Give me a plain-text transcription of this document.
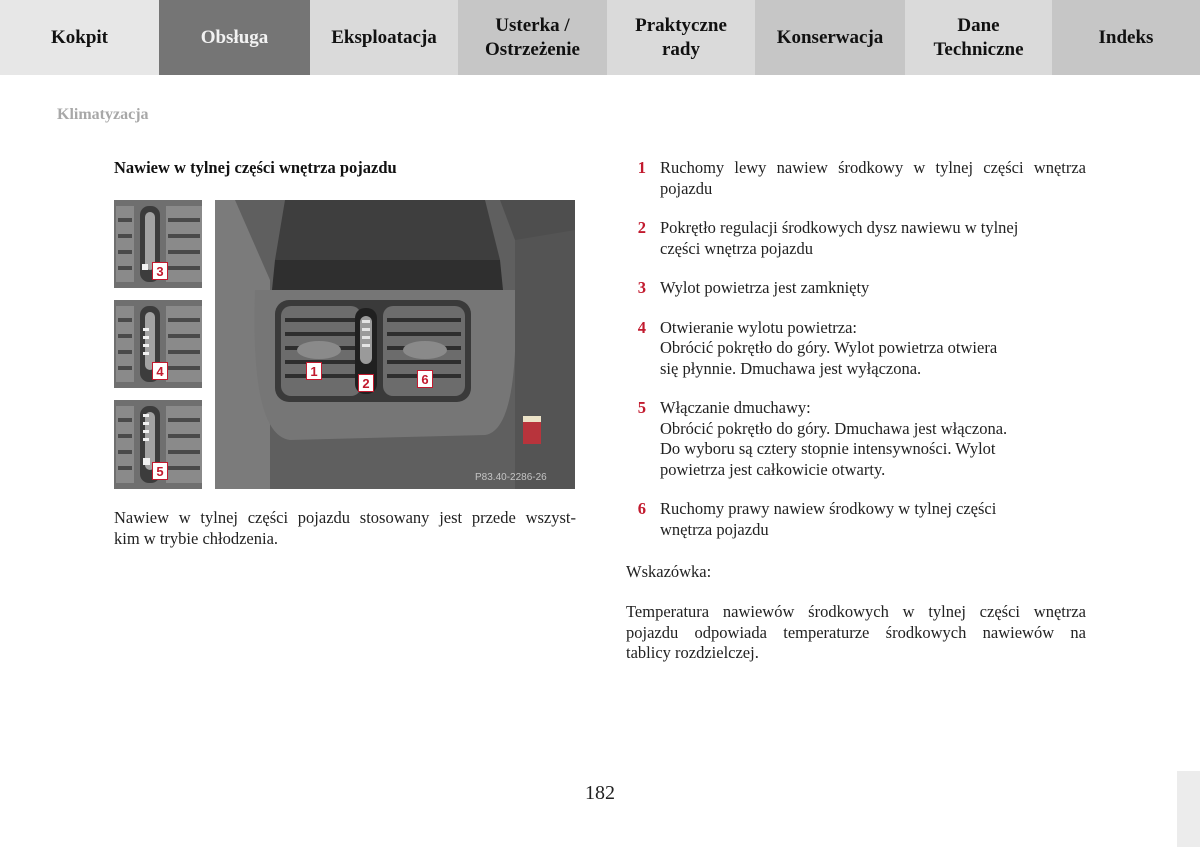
Kokpit	Obsługa	Eksploatacja
Usterka /
Ostrzeżenie
Praktyczne
rady
Konserwacja
Dane
Techniczne
Indeks
Klimatyzacja
Nawiew w tylnej części wnętrza pojazdu
3
4
5
1
2	6
P83.40-2286-26
Nawiew w tylnej części pojazdu stosowany jest przede wszyst-
kim w trybie chłodzenia.
1 Ruchomy lewy nawiew środkowy w tylnej części wnętrza
pojazdu
2 Pokrętło regulacji środkowych dysz nawiewu w tylnej
części wnętrza pojazdu
3 Wylot powietrza jest zamknięty
4 Otwieranie wylotu powietrza:
Obrócić pokrętło do góry. Wylot powietrza otwiera
się płynnie. Dmuchawa jest wyłączona.
5 Włączanie dmuchawy:
Obrócić pokrętło do góry. Dmuchawa jest włączona.
Do wyboru są cztery stopnie intensywności. Wylot
powietrza jest całkowicie otwarty.
6 Ruchomy prawy nawiew środkowy w tylnej części
wnętrza pojazdu
Wskazówka:
Temperatura nawiewów środkowych w tylnej części wnętrza
pojazdu odpowiada temperaturze środkowych nawiewów na
tablicy rozdzielczej.
182
